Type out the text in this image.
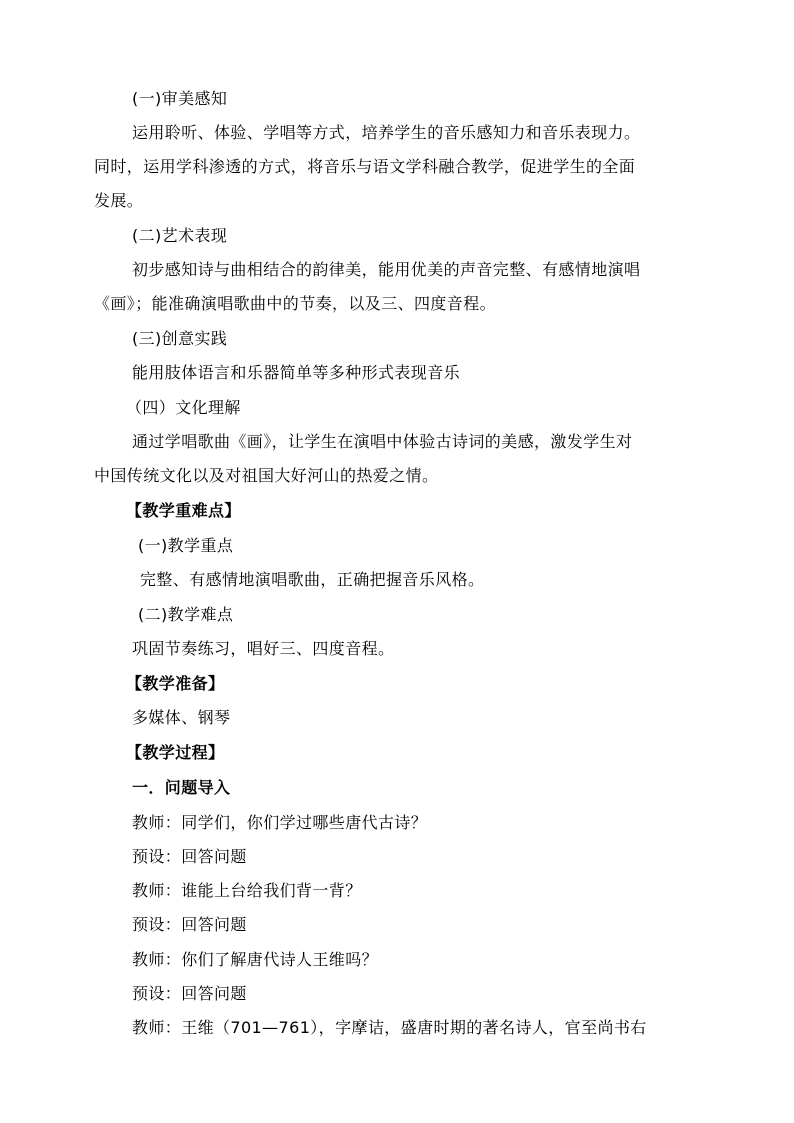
(一)审美感知
运用聆听、体验、学唱等方式，培养学生的音乐感知力和音乐表现力。
同时，运用学科渗透的方式，将音乐与语文学科融合教学，促进学生的全面
发展。
(二)艺术表现
初步感知诗与曲相结合的韵律美，能用优美的声音完整、有感情地演唱
《画》；能准确演唱歌曲中的节奏，以及三、四度音程。
(三)创意实践
能用肢体语言和乐器简单等多种形式表现音乐
（四）文化理解
通过学唱歌曲《画》，让学生在演唱中体验古诗词的美感，激发学生对
中国传统文化以及对祖国大好河山的热爱之情。
【教学重难点】
(一)教学重点
完整、有感情地演唱歌曲，正确把握音乐风格。
(二)教学难点
巩固节奏练习，唱好三、四度音程。
【教学准备】
多媒体、钢琴
【教学过程】
一．问题导入
教师：同学们，你们学过哪些唐代古诗？
预设：回答问题
教师：谁能上台给我们背一背？
预设：回答问题
教师：你们了解唐代诗人王维吗？
预设：回答问题
教师：王维（701—761），字摩诘，盛唐时期的著名诗人，官至尚书右
